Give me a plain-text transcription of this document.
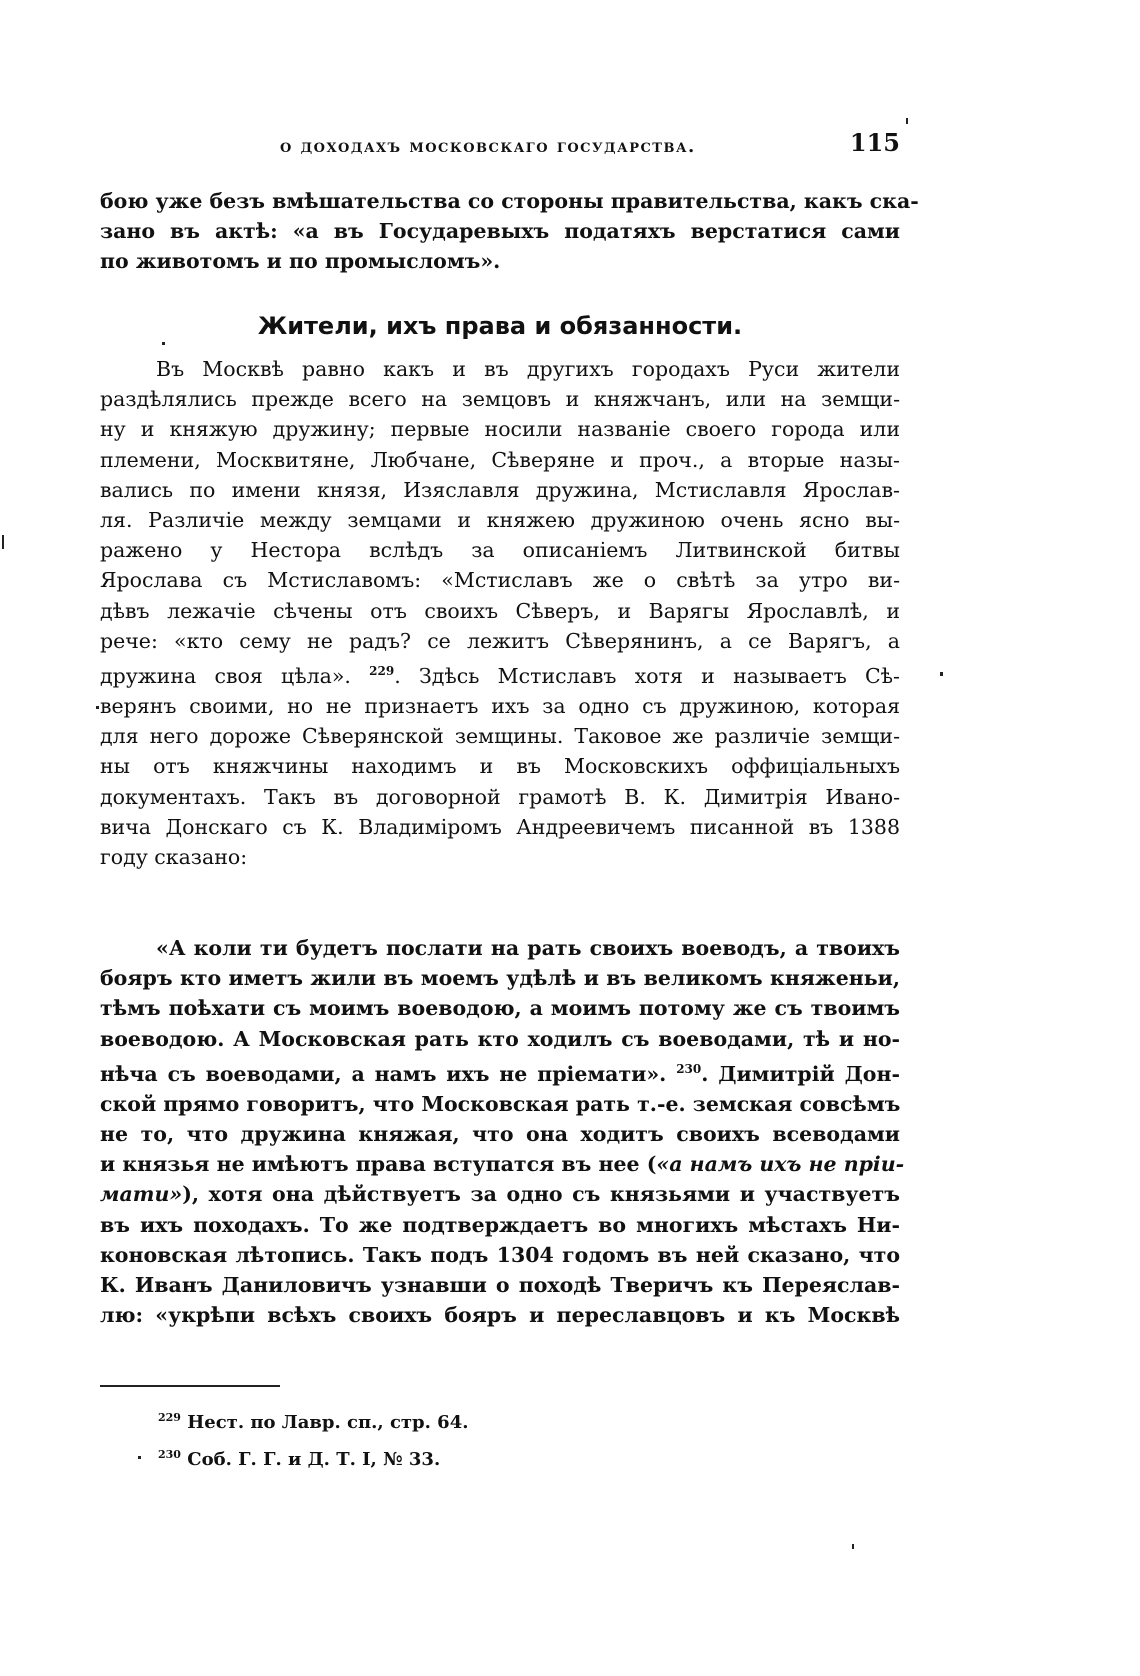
о доходахъ московскаго государства.	115
бою уже безъ вмѣшательства со стороны правительства, какъ ска-
зано въ актѣ: «а въ Государевыхъ податяхъ верстатися сами
по животомъ и по промысломъ».
Жители, ихъ права и обязанности.
Въ Москвѣ равно какъ и въ другихъ городахъ Руси жители
раздѣлялись прежде всего на земцовъ и княжчанъ, или на земщи-
ну и княжую дружину; первые носили названіе своего города или
племени, Москвитяне, Любчане, Сѣверяне и проч., а вторые назы-
вались по имени князя, Изяславля дружина, Мстиславля Ярослав-
ля. Различіе между земцами и княжею дружиною очень ясно вы-
ражено у Нестора вслѣдъ за описаніемъ Литвинской битвы
Ярослава съ Мстиславомъ: «Мстиславъ же о свѣтѣ за утро ви-
дѣвъ лежачіе сѣчены отъ своихъ Сѣверъ, и Варягы Ярославлѣ, и
рече: «кто сему не радъ? се лежитъ Сѣверянинъ, а се Варягъ, а
дружина своя цѣла». $^{229}$. Здѣсь Мстиславъ хотя и называетъ Сѣ-
верянъ своими, но не признаетъ ихъ за одно съ дружиною, которая
для него дороже Сѣверянской земщины. Таковое же различіе земщи-
ны отъ княжчины находимъ и въ Московскихъ оффиціальныхъ
документахъ. Такъ въ договорной грамотѣ В. К. Димитрія Ивано-
вича Донскаго съ К. Владиміромъ Андреевичемъ писанной въ 1388
году сказано:
«А коли ти будетъ послати на рать своихъ воеводъ, а твоихъ
бояръ кто иметъ жили въ моемъ удѣлѣ и въ великомъ княженьи,
тѣмъ поѣхати съ моимъ воеводою, а моимъ потому же съ твоимъ
воеводою. А Московская рать кто ходилъ съ воеводами, тѣ и но-
нѣча съ воеводами, а намъ ихъ не пріемати». $^{230}$. Димитрій Дон-
ской прямо говоритъ, что Московская рать т.-е. земская совсѣмъ
не то, что дружина княжая, что она ходитъ своихъ всеводами
и князья не имѣютъ права вступатся въ нее («а намъ ихъ не пріи-
мати»), хотя она дѣйствуетъ за одно съ князьями и участвуетъ
въ ихъ походахъ. То же подтверждаетъ во многихъ мѣстахъ Ни-
коновская лѣтопись. Такъ подъ 1304 годомъ въ ней сказано, что
К. Иванъ Даниловичъ узнавши о походѣ Тверичъ къ Переяслав-
лю: «укрѣпи всѣхъ своихъ бояръ и переславцовъ и къ Москвѣ
$^{229}$ Нест. по Лавр. сп., стр. 64.
$^{230}$ Соб. Г. Г. и Д. Т. I, № 33.
